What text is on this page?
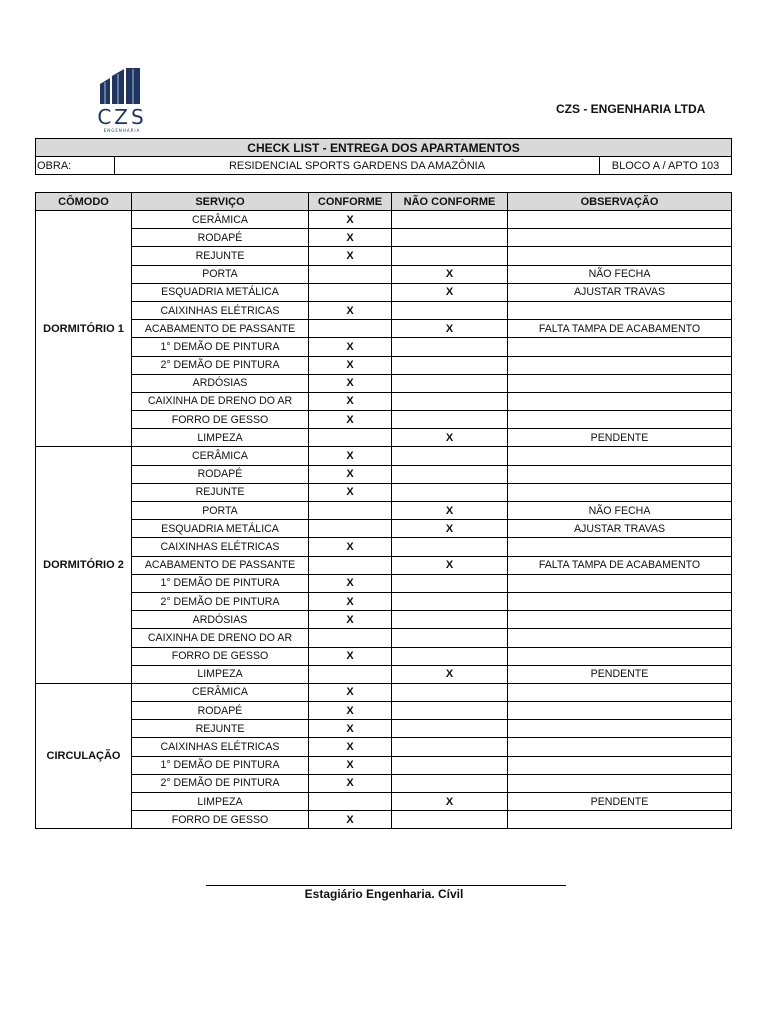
CZS
ENGENHARIA
CZS - ENGENHARIA LTDA
CHECK LIST - ENTREGA DOS APARTAMENTOS
OBRA:	RESIDENCIAL SPORTS GARDENS DA AMAZÔNIA	BLOCO A / APTO 103
CÔMODO	SERVIÇO	CONFORME	NÃO CONFORME	OBSERVAÇÃO
DORMITÓRIO 1	CERÂMICA	X		
	RODAPÉ	X		
	REJUNTE	X		
	PORTA		X	NÃO FECHA
	ESQUADRIA METÁLICA		X	AJUSTAR TRAVAS
	CAIXINHAS ELÉTRICAS	X		
	ACABAMENTO DE PASSANTE		X	FALTA TAMPA DE ACABAMENTO
	1° DEMÃO DE PINTURA	X		
	2° DEMÃO DE PINTURA	X		
	ARDÓSIAS	X		
	CAIXINHA DE DRENO DO AR	X		
	FORRO DE GESSO	X		
	LIMPEZA		X	PENDENTE
DORMITÓRIO 2	CERÂMICA	X		
	RODAPÉ	X		
	REJUNTE	X		
	PORTA		X	NÃO FECHA
	ESQUADRIA METÁLICA		X	AJUSTAR TRAVAS
	CAIXINHAS ELÉTRICAS	X		
	ACABAMENTO DE PASSANTE		X	FALTA TAMPA DE ACABAMENTO
	1° DEMÃO DE PINTURA	X		
	2° DEMÃO DE PINTURA	X		
	ARDÓSIAS	X		
	CAIXINHA DE DRENO DO AR			
	FORRO DE GESSO	X		
	LIMPEZA		X	PENDENTE
CIRCULAÇÃO	CERÂMICA	X		
	RODAPÉ	X		
	REJUNTE	X		
	CAIXINHAS ELÉTRICAS	X		
	1° DEMÃO DE PINTURA	X		
	2° DEMÃO DE PINTURA	X		
	LIMPEZA		X	PENDENTE
	FORRO DE GESSO	X		
Estagiário Engenharia. Cívil
